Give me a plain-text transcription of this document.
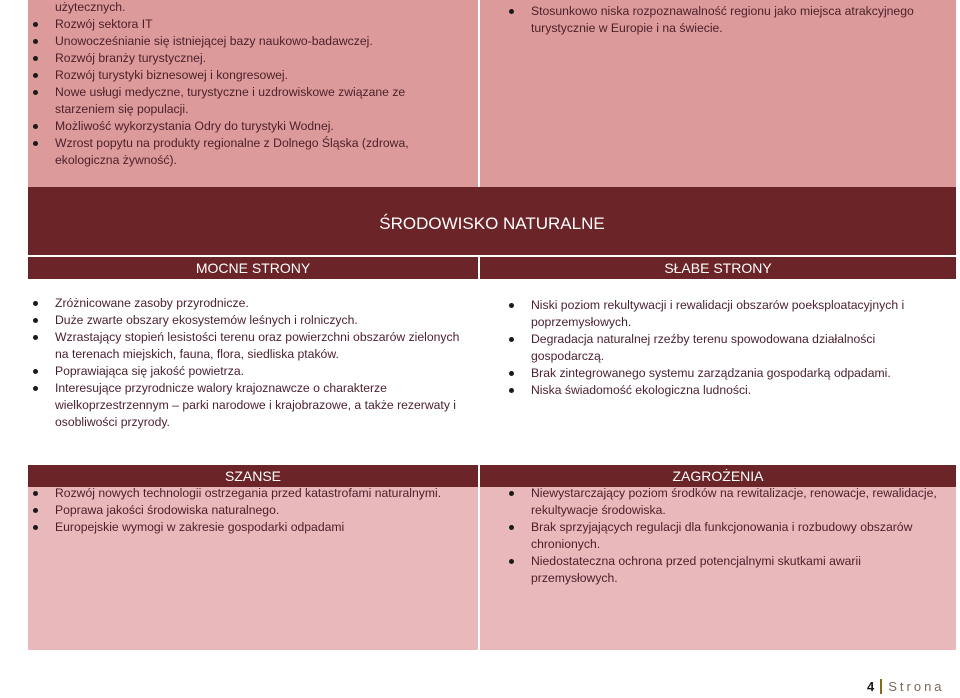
użytecznych.
Rozwój sektora IT
Unowocześnianie się istniejącej bazy naukowo-badawczej.
Rozwój branży turystycznej.
Rozwój turystyki biznesowej i kongresowej.
Nowe usługi medyczne, turystyczne i uzdrowiskowe związane ze starzeniem się populacji.
Możliwość wykorzystania Odry do turystyki Wodnej.
Wzrost popytu na produkty regionalne z Dolnego Śląska (zdrowa, ekologiczna żywność).
Stosunkowo niska rozpoznawalność regionu jako miejsca atrakcyjnego turystycznie w Europie i na świecie.
ŚRODOWISKO NATURALNE
MOCNE STRONY	SŁABE STRONY
Zróżnicowane zasoby przyrodnicze.
Duże zwarte obszary ekosystemów leśnych i rolniczych.
Wzrastający stopień lesistości terenu oraz powierzchni obszarów zielonych na terenach miejskich, fauna, flora, siedliska ptaków.
Poprawiająca się jakość powietrza.
Interesujące przyrodnicze walory krajoznawcze o charakterze wielkoprzestrzennym – parki narodowe i krajobrazowe, a także rezerwaty i osobliwości przyrody.
Niski poziom rekultywacji i rewalidacji obszarów poeksploatacyjnych i poprzemysłowych.
Degradacja naturalnej rzeźby terenu spowodowana działalności gospodarczą.
Brak zintegrowanego systemu zarządzania gospodarką odpadami.
Niska świadomość ekologiczna ludności.
SZANSE	ZAGROŻENIA
Rozwój nowych technologii ostrzegania przed katastrofami naturalnymi.
Poprawa jakości środowiska naturalnego.
Europejskie wymogi w zakresie gospodarki odpadami
Niewystarczający poziom środków na rewitalizacje, renowacje, rewalidacje, rekultywacje środowiska.
Brak sprzyjających regulacji dla funkcjonowania i rozbudowy obszarów chronionych.
Niedostateczna ochrona przed potencjalnymi skutkami awarii przemysłowych.
4 Strona
